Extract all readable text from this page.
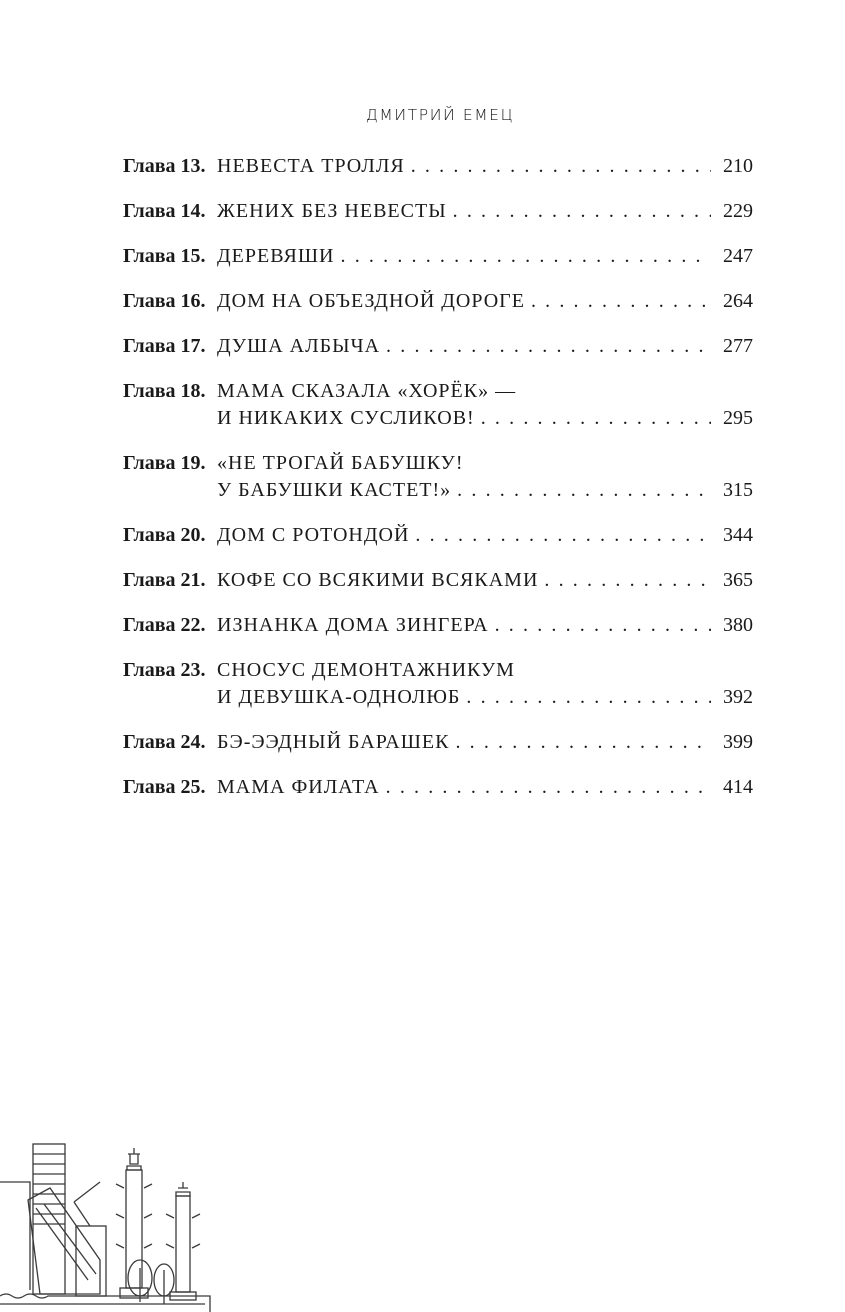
ДМИТРИЙ ЕМЕЦ
Глава 13. НЕВЕСТА ТРОЛЛЯ . . .	210
Глава 14. ЖЕНИХ БЕЗ НЕВЕСТЫ . . .	229
Глава 15. ДЕРЕВЯШИ . . .	247
Глава 16. ДОМ НА ОБЪЕЗДНОЙ ДОРОГЕ . . .	264
Глава 17. ДУША АЛБЫЧА . . .	277
Глава 18. МАМА СКАЗАЛА «ХОРЁК» —
И НИКАКИХ СУСЛИКОВ! . . .	295
Глава 19. «НЕ ТРОГАЙ БАБУШКУ!
У БАБУШКИ КАСТЕТ!» . . .	315
Глава 20. ДОМ С РОТОНДОЙ . . .	344
Глава 21. КОФЕ СО ВСЯКИМИ ВСЯКАМИ . . .	365
Глава 22. ИЗНАНКА ДОМА ЗИНГЕРА . . .	380
Глава 23. СНОСУС ДЕМОНТАЖНИКУМ
И ДЕВУШКА-ОДНОЛЮБ . . .	392
Глава 24. БЭ-ЭЭДНЫЙ БАРАШЕК . . .	399
Глава 25. МАМА ФИЛАТА . . .	414
